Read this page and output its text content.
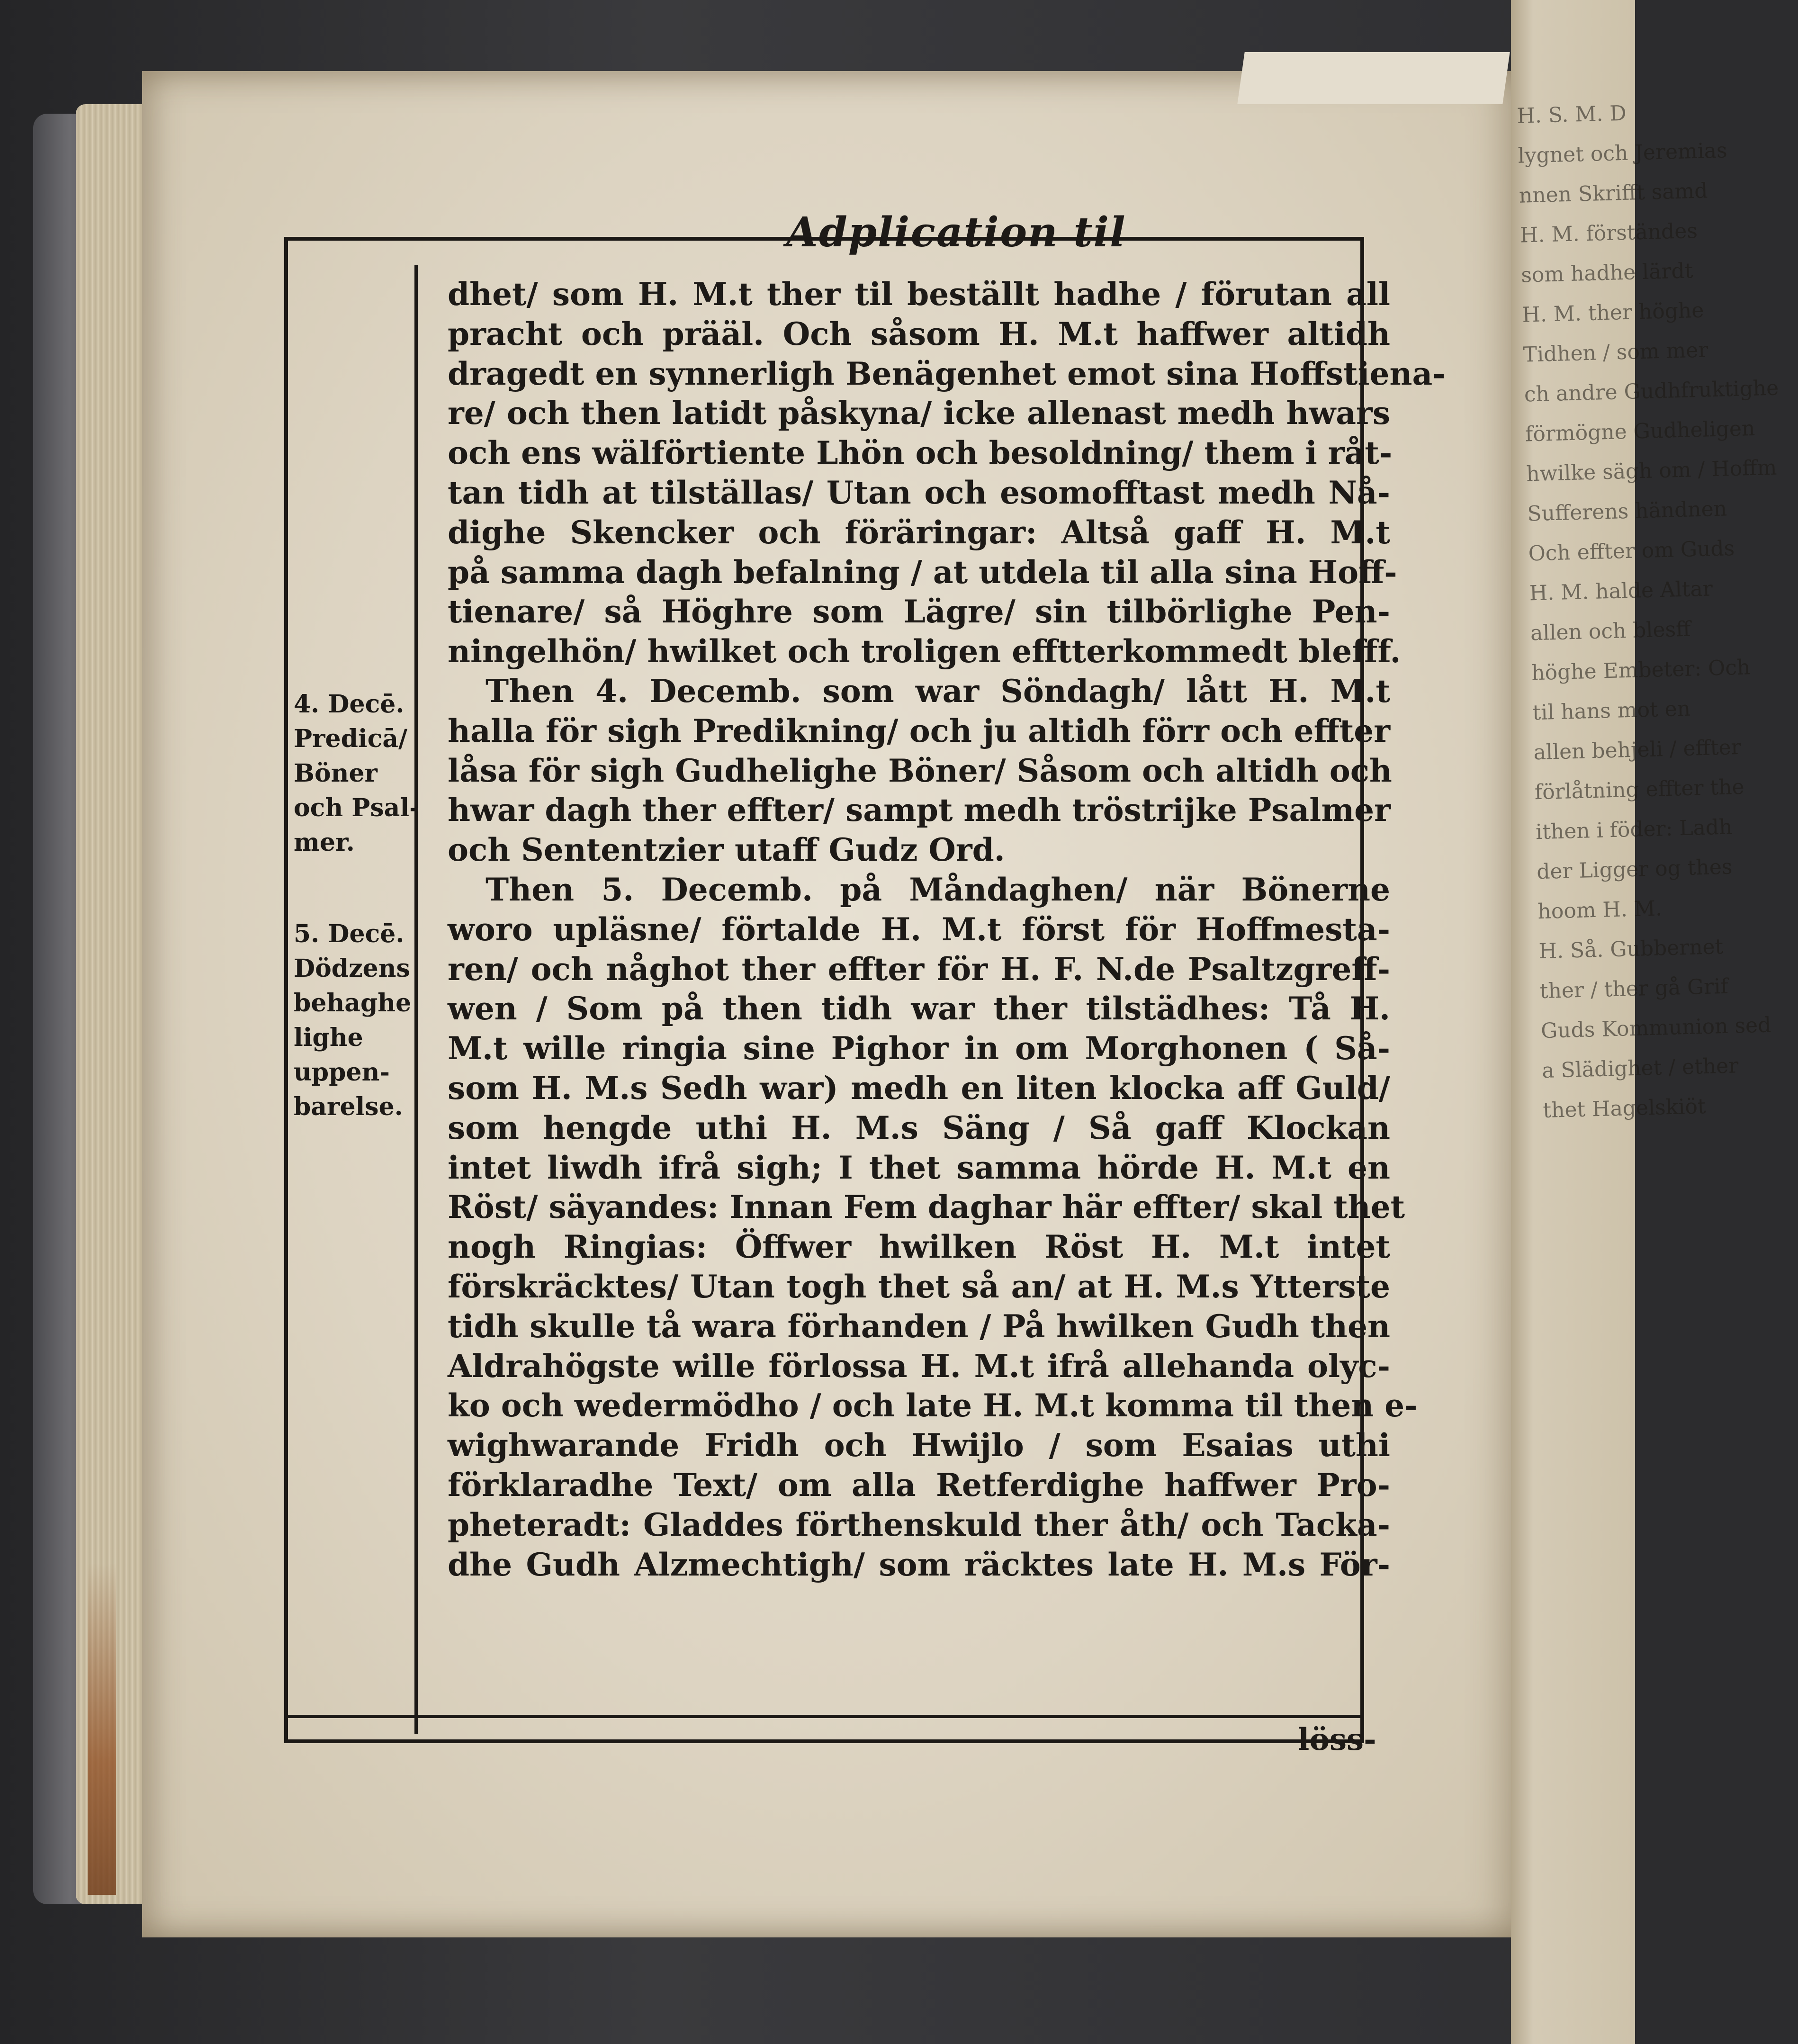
H. S. M. D
lygnet och Jeremias
nnen Skrifft samd
H. M. förständes
som hadhe lärdt
H. M. ther höghe
Tidhen / som mer
ch andre Gudhfruktighe
förmögne Gudheligen
hwilke sägh om / Hoffm
Sufferens händnen
Och effter om Guds
H. M. halde Altar
allen och blesff
höghe Embeter: Och
til hans mot en
allen behjeli / effter
förlåtning effter the
ithen i föder: Ladh
der Ligger og thes
hoom H. M.
H. Så. Gubbernet
ther / ther gå Grif
Guds Kommunion sed
a Slädighet / ether
thet Hagelskiöt
Adplication til
dhet/ som H. M.t ther til beställt hadhe / förutan all
pracht och prääl. Och såsom H. M.t haffwer altidh
dragedt en synnerligh Benägenhet emot sina Hoffstiena-
re/ och then latidt påskyna/ icke allenast medh hwars
och ens wälförtiente Lhön och besoldning/ them i råt-
tan tidh at tilställas/ Utan och esomofftast medh Nå-
dighe Skencker och föräringar: Altså gaff H. M.t
på samma dagh befalning / at utdela til alla sina Hoff-
tienare/ så Höghre som Lägre/ sin tilbörlighe Pen-
ningelhön/ hwilket och troligen efftterkommedt blefff.
Then 4. Decemb. som war Söndagh/ lått H. M.t
halla för sigh Predikning/ och ju altidh förr och effter
låsa för sigh Gudhelighe Böner/ Såsom och altidh och
hwar dagh ther effter/ sampt medh tröstrijke Psalmer
och Sententzier utaff Gudz Ord.
Then 5. Decemb. på Måndaghen/ när Bönerne
woro upläsne/ förtalde H. M.t först för Hoffmesta-
ren/ och någhot ther effter för H. F. N.de Psaltzgreff-
wen / Som på then tidh war ther tilstädhes: Tå H.
M.t wille ringia sine Pighor in om Morghonen ( Så-
som H. M.s Sedh war) medh en liten klocka aff Guld/
som hengde uthi H. M.s Säng / Så gaff Klockan
intet liwdh ifrå sigh; I thet samma hörde H. M.t en
Röst/ säyandes: Innan Fem daghar här effter/ skal thet
nogh Ringias: Öffwer hwilken Röst H. M.t intet
förskräcktes/ Utan togh thet så an/ at H. M.s Ytterste
tidh skulle tå wara förhanden / På hwilken Gudh then
Aldrahögste wille förlossa H. M.t ifrå allehanda olyc-
ko och wedermödho / och late H. M.t komma til then e-
wighwarande Fridh och Hwijlo / som Esaias uthi
förklaradhe Text/ om alla Retferdighe haffwer Pro-
pheteradt: Gladdes förthenskuld ther åth/ och Tacka-
dhe Gudh Alzmechtigh/ som räcktes late H. M.s För-
4. Decē.
Predicā/
Böner
och Psal-
mer.
5. Decē.
Dödzens
behaghe
lighe
uppen-
barelse.
löss-
